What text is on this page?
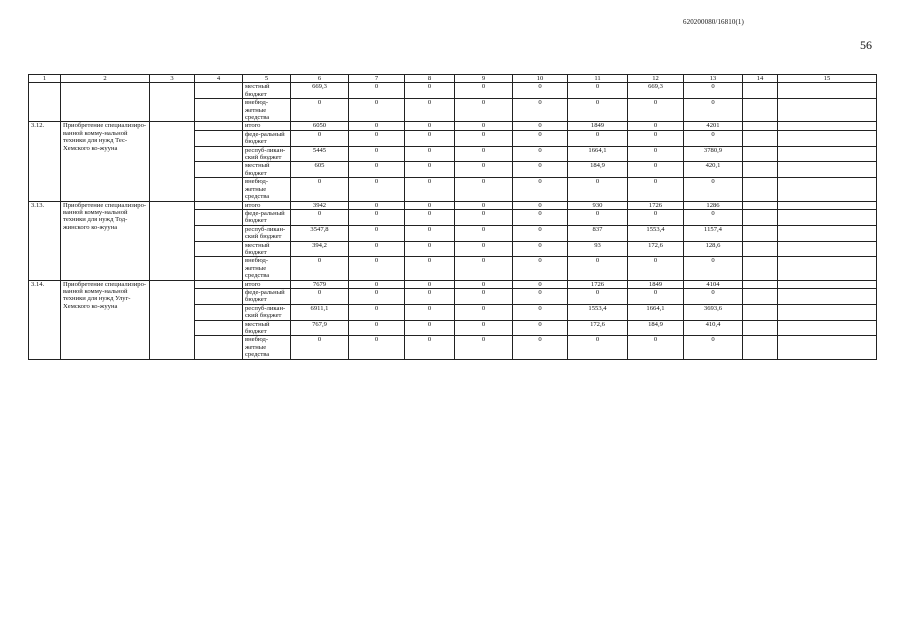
620200080/16810(1)
56
1	2	3	4	5	6	7	8	9	10	11	12	13	14	15
				местный бюджет	669,3	0	0	0	0	0	669,3	0		
				внебюд-жетные средства	0	0	0	0	0	0	0	0		
3.12.	Приобретение специализиро-ванной комму-нальной техники для нужд Тес-Хемского ко-жууна			итого	6050	0	0	0	0	1849	0	4201		
				феде-ральный бюджет	0	0	0	0	0	0	0	0		
				респуб-ликан-ский бюджет	5445	0	0	0	0	1664,1	0	3780,9		
				местный бюджет	605	0	0	0	0	184,9	0	420,1		
				внебюд-жетные средства	0	0	0	0	0	0	0	0		
3.13.	Приобретение специализиро-ванной комму-нальной техники для нужд Тод-жинского ко-жууна			итого	3942	0	0	0	0	930	1726	1286		
				феде-ральный бюджет	0	0	0	0	0	0	0	0		
				респуб-ликан-ский бюджет	3547,8	0	0	0	0	837	1553,4	1157,4		
				местный бюджет	394,2	0	0	0	0	93	172,6	128,6		
				внебюд-жетные средства	0	0	0	0	0	0	0	0		
3.14.	Приобретение специализиро-ванной комму-нальной техники для нужд Улуг-Хемского ко-жууна			итого	7679	0	0	0	0	1726	1849	4104		
				феде-ральный бюджет	0	0	0	0	0	0	0	0		
				респуб-ликан-ский бюджет	6911,1	0	0	0	0	1553,4	1664,1	3693,6		
				местный бюджет	767,9	0	0	0	0	172,6	184,9	410,4		
				внебюд-жетные средства	0	0	0	0	0	0	0	0		
